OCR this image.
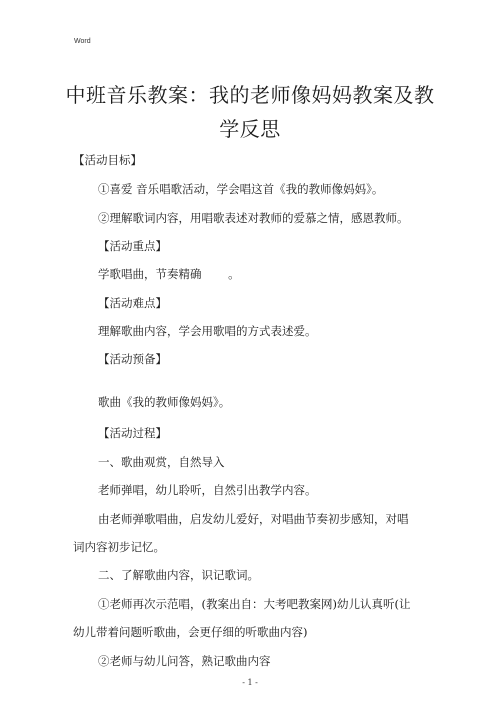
Word
中班音乐教案：我的老师像妈妈教案及教
学反思
【活动目标】
①喜爱 音乐唱歌活动，学会唱这首《我的教师像妈妈》。
②理解歌词内容，用唱歌表述对教师的爱慕之情，感恩教师。
【活动重点】
学歌唱曲，节奏精确 　　。
【活动难点】
理解歌曲内容，学会用歌唱的方式表述爱。
【活动预备】
歌曲《我的教师像妈妈》。
【活动过程】
一、歌曲观赏，自然导入
老师弹唱，幼儿聆听，自然引出教学内容。
由老师弹歌唱曲，启发幼儿爱好，对唱曲节奏初步感知，对唱
词内容初步记忆。
二、了解歌曲内容，识记歌词。
①老师再次示范唱，(教案出自：大考吧教案网)幼儿认真听(让
幼儿带着问题听歌曲，会更仔细的听歌曲内容)
②老师与幼儿问答，熟记歌曲内容
- 1 -
